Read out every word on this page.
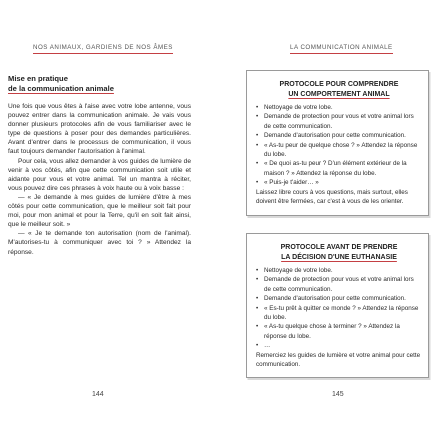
NOS ANIMAUX, GARDIENS DE NOS ÂMES
Mise en pratique
de la communication animale

Une fois que vous êtes à l'aise avec votre lobe antenne, vous pouvez entrer dans la communication animale. Je vais vous donner plusieurs protocoles afin de vous familiariser avec le type de questions à poser pour des demandes particulières. Avant d'entrer dans le processus de communication, il vous faut toujours demander l'autorisation à l'animal.

Pour cela, vous allez demander à vos guides de lumière de venir à vos côtés, afin que cette communication soit utile et aidante pour vous et votre animal. Tel un mantra à réciter, vous pouvez dire ces phrases à voix haute ou à voix basse :

— « Je demande à mes guides de lumière d'être à mes côtés pour cette communication, que le meilleur soit fait pour moi, pour mon animal et pour la Terre, qu'il en soit fait ainsi, que le meilleur soit. »

— « Je te demande ton autorisation (nom de l'animal). M'autorises-tu à communiquer avec toi ? » Attendez la réponse.

144
LA COMMUNICATION ANIMALE
PROTOCOLE POUR COMPRENDRE
UN COMPORTEMENT ANIMAL
• Nettoyage de votre lobe.
• Demande de protection pour vous et votre animal lors de cette communication.
• Demande d'autorisation pour cette communication.
• « As-tu peur de quelque chose ? » Attendez la réponse du lobe.
• « De quoi as-tu peur ? D'un élément extérieur de la maison ? » Attendez la réponse du lobe.
• « Puis-je t'aider… »
Laissez libre cours à vos questions, mais surtout, elles doivent être fermées, car c'est à vous de les orienter.
PROTOCOLE AVANT DE PRENDRE
LA DÉCISION D'UNE EUTHANASIE
• Nettoyage de votre lobe.
• Demande de protection pour vous et votre animal lors de cette communication.
• Demande d'autorisation pour cette communication.
• « Es-tu prêt à quitter ce monde ? » Attendez la réponse du lobe.
• « As-tu quelque chose à terminer ? » Attendez la réponse du lobe.
• …
Remerciez les guides de lumière et votre animal pour cette communication.
145
